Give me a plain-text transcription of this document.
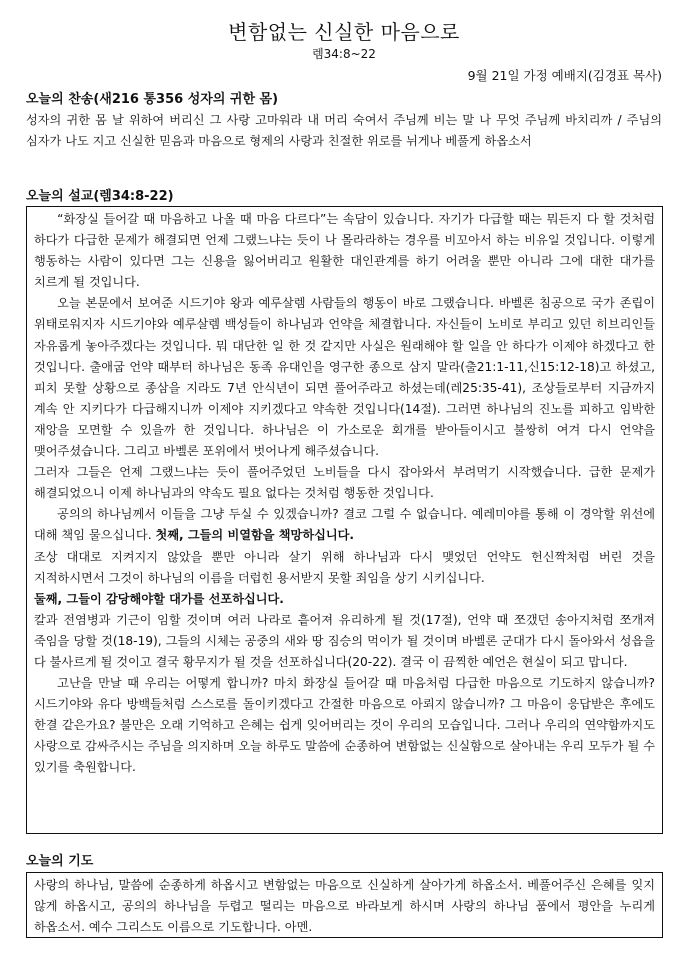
변함없는 신실한 마음으로
렘34:8~22
9월 21일 가정 예배지(김경표 목사)
오늘의 찬송(새216 통356 성자의 귀한 몸)
성자의 귀한 몸 날 위하여 버리신 그 사랑 고마워라 내 머리 숙여서 주님께 비는 말 나 무엇 주님께 바치리까 / 주님의 심자가 나도 지고 신실한 믿음과 마음으로 형제의 사랑과 친절한 위로를 뉘게나 베풀게 하옵소서
오늘의 설교(렘34:8-22)

“화장실 들어갈 때 마음하고 나올 때 마음 다르다”는 속담이 있습니다. 자기가 다급할 때는 뭐든지 다 할 것처럼 하다가 다급한 문제가 해결되면 언제 그랬느냐는 듯이 나 몰라라하는 경우를 비꼬아서 하는 비유일 것입니다. 이렇게 행동하는 사람이 있다면 그는 신용을 잃어버리고 원활한 대인관계를 하기 어려울 뿐만 아니라 그에 대한 대가를 치르게 될 것입니다.

오늘 본문에서 보여준 시드기야 왕과 예루살렘 사람들의 행동이 바로 그랬습니다. 바벨론 침공으로 국가 존립이 위태로워지자 시드기야와 예루살렘 백성들이 하나님과 언약을 체결합니다. 자신들이 노비로 부리고 있던 히브리인들 자유롭게 놓아주겠다는 것입니다. 뭐 대단한 일 한 것 같지만 사실은 원래해야 할 일을 안 하다가 이제야 하겠다고 한 것입니다. 출애굽 언약 때부터 하나님은 동족 유대인을 영구한 종으로 삼지 말라(출21:1-11,신15:12-18)고 하셨고, 피치 못할 상황으로 종삼을 지라도 7년 안식년이 되면 풀어주라고 하셨는데(레25:35-41), 조상들로부터 지금까지 계속 안 지키다가 다급해지니까 이제야 지키겠다고 약속한 것입니다(14절). 그러면 하나님의 진노를 피하고 임박한 재앙을 모면할 수 있을까 한 것입니다. 하나님은 이 가소로운 회개를 받아들이시고 불쌍히 여겨 다시 언약을 맺어주셨습니다. 그리고 바벨론 포위에서 벗어나게 해주셨습니다.

그러자 그들은 언제 그랬느냐는 듯이 풀어주었던 노비들을 다시 잡아와서 부려먹기 시작했습니다. 급한 문제가 해결되었으니 이제 하나님과의 약속도 필요 없다는 것처럼 행동한 것입니다.

공의의 하나님께서 이들을 그냥 두실 수 있겠습니까? 결코 그럴 수 없습니다. 예레미야를 통해 이 경악할 위선에 대해 책임 물으십니다. 첫째, 그들의 비열함을 책망하십니다.

조상 대대로 지켜지지 않았을 뿐만 아니라 살기 위해 하나님과 다시 맺었던 언약도 헌신짝처럼 버린 것을 지적하시면서 그것이 하나님의 이름을 더럽힌 용서받지 못할 죄임을 상기 시키십니다.

둘째, 그들이 감당해야할 대가를 선포하십니다.

칼과 전염병과 기근이 임할 것이며 여러 나라로 흩어져 유리하게 될 것(17절), 언약 때 쪼갰던 송아지처럼 쪼개져 죽임을 당할 것(18-19), 그들의 시체는 공중의 새와 땅 짐승의 먹이가 될 것이며 바벨론 군대가 다시 돌아와서 성읍을 다 불사르게 될 것이고 결국 황무지가 될 것을 선포하십니다(20-22). 결국 이 끔찍한 예언은 현실이 되고 맙니다.

고난을 만날 때 우리는 어떻게 합니까? 마치 화장실 들어갈 때 마음처럼 다급한 마음으로 기도하지 않습니까? 시드기야와 유다 방백들처럼 스스로를 돌이키겠다고 간절한 마음으로 아뢰지 않습니까? 그 마음이 응답받은 후에도 한결 같은가요? 불만은 오래 기억하고 은혜는 쉽게 잊어버리는 것이 우리의 모습입니다. 그러나 우리의 연약함까지도 사랑으로 감싸주시는 주님을 의지하며 오늘 하루도 말씀에 순종하여 변함없는 신실함으로 살아내는 우리 모두가 될 수 있기를 축원합니다.

오늘의 기도

사랑의 하나님, 말씀에 순종하게 하옵시고 변함없는 마음으로 신실하게 살아가게 하옵소서. 베풀어주신 은혜를 잊지 않게 하옵시고, 공의의 하나님을 두렵고 떨리는 마음으로 바라보게 하시며 사랑의 하나님 품에서 평안을 누리게 하옵소서. 예수 그리스도 이름으로 기도합니다. 아멘.
